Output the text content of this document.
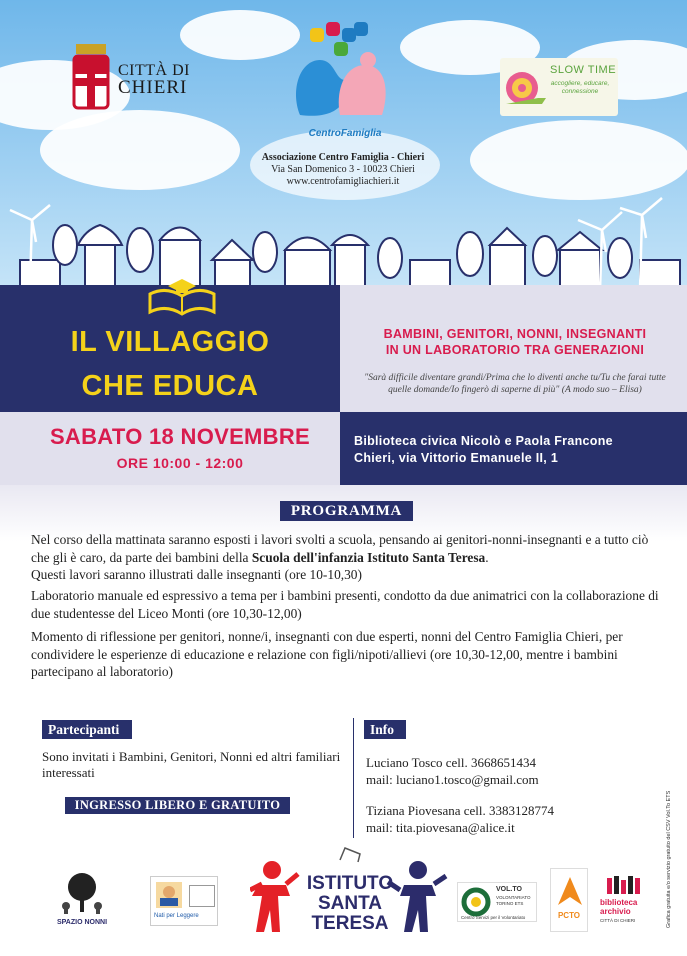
CITTÀ DI
CHIERI
CentroFamiglia
SLOW TIME
accogliere, educare, connessione
Associazione Centro Famiglia - Chieri
Via San Domenico 3 - 10023 Chieri
www.centrofamigliachieri.it
IL VILLAGGIO
CHE EDUCA
BAMBINI, GENITORI, NONNI, INSEGNANTI
IN UN LABORATORIO TRA GENERAZIONI
"Sarà difficile diventare grandi/Prima che lo diventi anche tu/Tu che farai tutte
quelle domande/Io fingerò di saperne di più" (A modo suo – Elisa)
SABATO 18 NOVEMBRE
ORE 10:00 - 12:00
Biblioteca civica Nicolò e Paola Francone
Chieri, via Vittorio Emanuele II, 1
PROGRAMMA
Nel corso della mattinata saranno esposti i lavori svolti a scuola, pensando ai genitori-nonni-insegnanti e a tutto ciò che gli è caro, da parte dei bambini della Scuola dell'infanzia Istituto Santa Teresa.
Questi lavori saranno illustrati dalle insegnanti (ore 10-10,30)
Laboratorio manuale ed espressivo a tema per i bambini presenti, condotto da due animatrici con la collaborazione di due studentesse del Liceo Monti (ore 10,30-12,00)
Momento di riflessione per genitori, nonne/i, insegnanti con due esperti, nonni del Centro Famiglia Chieri, per condividere le esperienze di educazione e relazione con figli/nipoti/allievi (ore 10,30-12,00, mentre i bambini partecipano al laboratorio)
Partecipanti
Sono invitati i Bambini, Genitori, Nonni ed altri familiari interessati
INGRESSO LIBERO E GRATUITO
Info
Luciano Tosco cell. 3668651434
mail: luciano1.tosco@gmail.com
Tiziana Piovesana cell. 3383128774
mail: tita.piovesana@alice.it	Grafica gratuita e/o servizio gratuito del CSV Vol.To ETS
SPAZIO NONNI
Nati per Leggere
ISTITUTO
SANTA
TERESA
VOL.TO
VOLONTARIATO
TORINO ETS
Centro Servizi per il Volontariato	PCTO
biblioteca
archivio
CITTÀ DI CHIERI
